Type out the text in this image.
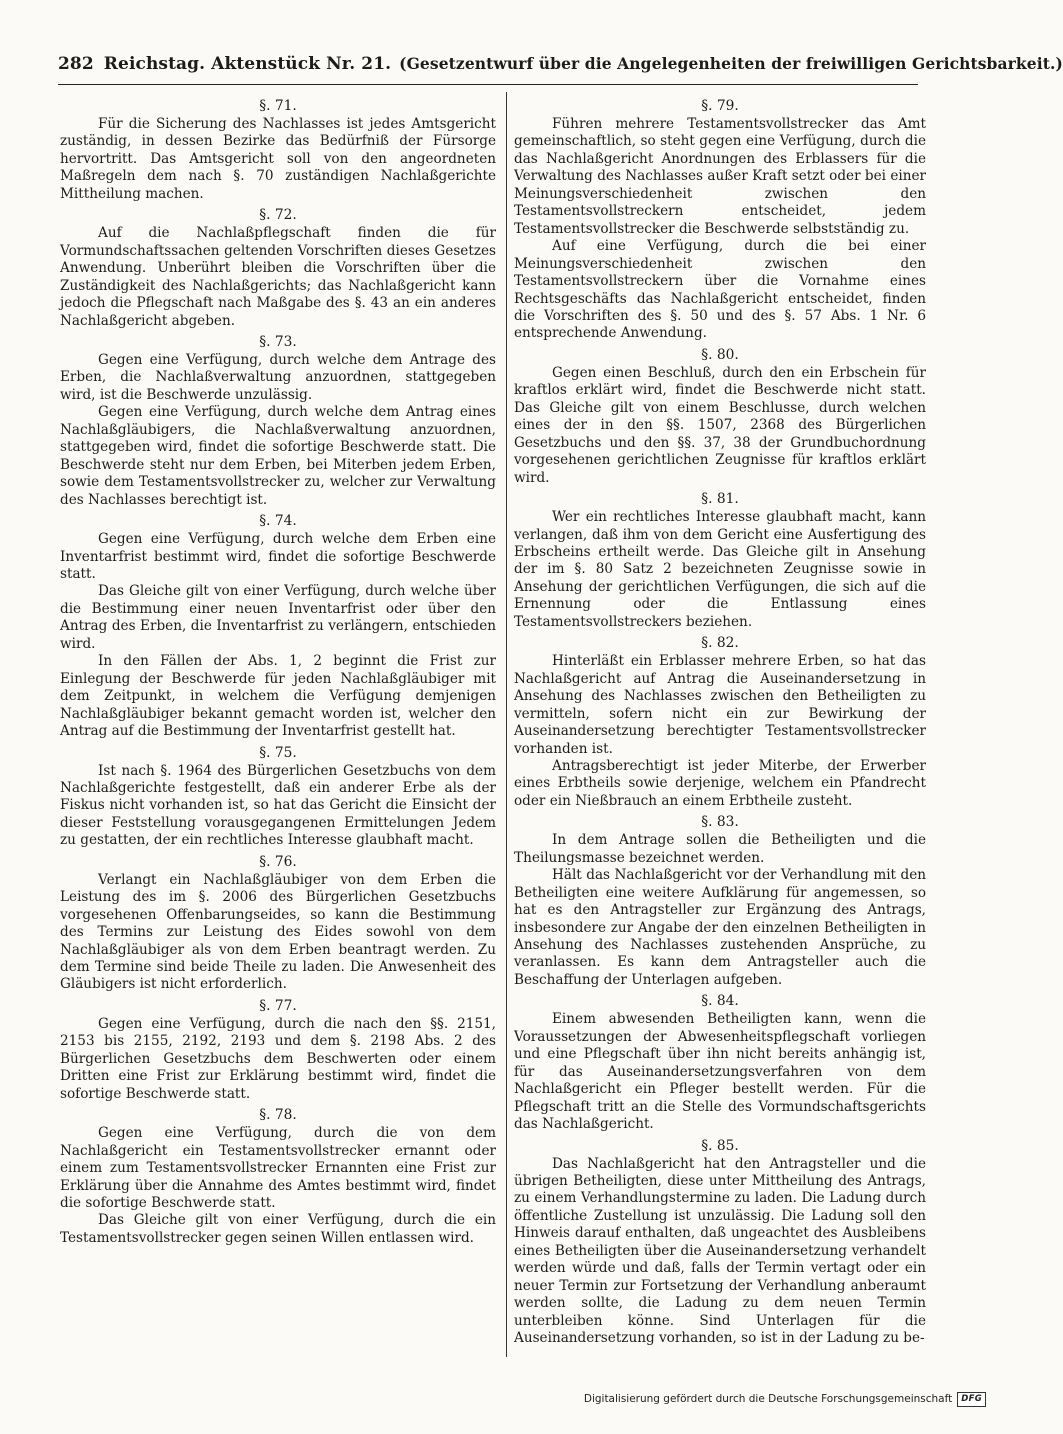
282 Reichstag. Aktenstück Nr. 21. (Gesetzentwurf über die Angelegenheiten der freiwilligen Gerichtsbarkeit.)
§. 71.

Für die Sicherung des Nachlasses ist jedes Amtsgericht zuständig, in dessen Bezirke das Bedürfniß der Fürsorge hervortritt. Das Amtsgericht soll von den angeordneten Maßregeln dem nach §. 70 zuständigen Nachlaßgerichte Mittheilung machen.

§. 72.

Auf die Nachlaßpflegschaft finden die für Vormundschaftssachen geltenden Vorschriften dieses Gesetzes Anwendung. Unberührt bleiben die Vorschriften über die Zuständigkeit des Nachlaßgerichts; das Nachlaßgericht kann jedoch die Pflegschaft nach Maßgabe des §. 43 an ein anderes Nachlaßgericht abgeben.

§. 73.

Gegen eine Verfügung, durch welche dem Antrage des Erben, die Nachlaßverwaltung anzuordnen, stattgegeben wird, ist die Beschwerde unzulässig.

Gegen eine Verfügung, durch welche dem Antrag eines Nachlaßgläubigers, die Nachlaßverwaltung anzuordnen, stattgegeben wird, findet die sofortige Beschwerde statt. Die Beschwerde steht nur dem Erben, bei Miterben jedem Erben, sowie dem Testamentsvollstrecker zu, welcher zur Verwaltung des Nachlasses berechtigt ist.

§. 74.

Gegen eine Verfügung, durch welche dem Erben eine Inventarfrist bestimmt wird, findet die sofortige Beschwerde statt.

Das Gleiche gilt von einer Verfügung, durch welche über die Bestimmung einer neuen Inventarfrist oder über den Antrag des Erben, die Inventarfrist zu verlängern, entschieden wird.

In den Fällen der Abs. 1, 2 beginnt die Frist zur Einlegung der Beschwerde für jeden Nachlaßgläubiger mit dem Zeitpunkt, in welchem die Verfügung demjenigen Nachlaßgläubiger bekannt gemacht worden ist, welcher den Antrag auf die Bestimmung der Inventarfrist gestellt hat.

§. 75.

Ist nach §. 1964 des Bürgerlichen Gesetzbuchs von dem Nachlaßgerichte festgestellt, daß ein anderer Erbe als der Fiskus nicht vorhanden ist, so hat das Gericht die Einsicht der dieser Feststellung vorausgegangenen Ermittelungen Jedem zu gestatten, der ein rechtliches Interesse glaubhaft macht.

§. 76.

Verlangt ein Nachlaßgläubiger von dem Erben die Leistung des im §. 2006 des Bürgerlichen Gesetzbuchs vorgesehenen Offenbarungseides, so kann die Bestimmung des Termins zur Leistung des Eides sowohl von dem Nachlaßgläubiger als von dem Erben beantragt werden. Zu dem Termine sind beide Theile zu laden. Die Anwesenheit des Gläubigers ist nicht erforderlich.

§. 77.

Gegen eine Verfügung, durch die nach den §§. 2151, 2153 bis 2155, 2192, 2193 und dem §. 2198 Abs. 2 des Bürgerlichen Gesetzbuchs dem Beschwerten oder einem Dritten eine Frist zur Erklärung bestimmt wird, findet die sofortige Beschwerde statt.

§. 78.

Gegen eine Verfügung, durch die von dem Nachlaßgericht ein Testamentsvollstrecker ernannt oder einem zum Testamentsvollstrecker Ernannten eine Frist zur Erklärung über die Annahme des Amtes bestimmt wird, findet die sofortige Beschwerde statt.

Das Gleiche gilt von einer Verfügung, durch die ein Testamentsvollstrecker gegen seinen Willen entlassen wird.

§. 79.

Führen mehrere Testamentsvollstrecker das Amt gemeinschaftlich, so steht gegen eine Verfügung, durch die das Nachlaßgericht Anordnungen des Erblassers für die Verwaltung des Nachlasses außer Kraft setzt oder bei einer Meinungsverschiedenheit zwischen den Testamentsvollstreckern entscheidet, jedem Testamentsvollstrecker die Beschwerde selbstständig zu.

Auf eine Verfügung, durch die bei einer Meinungsverschiedenheit zwischen den Testamentsvollstreckern über die Vornahme eines Rechtsgeschäfts das Nachlaßgericht entscheidet, finden die Vorschriften des §. 50 und des §. 57 Abs. 1 Nr. 6 entsprechende Anwendung.

§. 80.

Gegen einen Beschluß, durch den ein Erbschein für kraftlos erklärt wird, findet die Beschwerde nicht statt. Das Gleiche gilt von einem Beschlusse, durch welchen eines der in den §§. 1507, 2368 des Bürgerlichen Gesetzbuchs und den §§. 37, 38 der Grundbuchordnung vorgesehenen gerichtlichen Zeugnisse für kraftlos erklärt wird.

§. 81.

Wer ein rechtliches Interesse glaubhaft macht, kann verlangen, daß ihm von dem Gericht eine Ausfertigung des Erbscheins ertheilt werde. Das Gleiche gilt in Ansehung der im §. 80 Satz 2 bezeichneten Zeugnisse sowie in Ansehung der gerichtlichen Verfügungen, die sich auf die Ernennung oder die Entlassung eines Testamentsvollstreckers beziehen.

§. 82.

Hinterläßt ein Erblasser mehrere Erben, so hat das Nachlaßgericht auf Antrag die Auseinandersetzung in Ansehung des Nachlasses zwischen den Betheiligten zu vermitteln, sofern nicht ein zur Bewirkung der Auseinandersetzung berechtigter Testamentsvollstrecker vorhanden ist.

Antragsberechtigt ist jeder Miterbe, der Erwerber eines Erbtheils sowie derjenige, welchem ein Pfandrecht oder ein Nießbrauch an einem Erbtheile zusteht.

§. 83.

In dem Antrage sollen die Betheiligten und die Theilungsmasse bezeichnet werden.

Hält das Nachlaßgericht vor der Verhandlung mit den Betheiligten eine weitere Aufklärung für angemessen, so hat es den Antragsteller zur Ergänzung des Antrags, insbesondere zur Angabe der den einzelnen Betheiligten in Ansehung des Nachlasses zustehenden Ansprüche, zu veranlassen. Es kann dem Antragsteller auch die Beschaffung der Unterlagen aufgeben.

§. 84.

Einem abwesenden Betheiligten kann, wenn die Voraussetzungen der Abwesenheitspflegschaft vorliegen und eine Pflegschaft über ihn nicht bereits anhängig ist, für das Auseinandersetzungsverfahren von dem Nachlaßgericht ein Pfleger bestellt werden. Für die Pflegschaft tritt an die Stelle des Vormundschaftsgerichts das Nachlaßgericht.

§. 85.

Das Nachlaßgericht hat den Antragsteller und die übrigen Betheiligten, diese unter Mittheilung des Antrags, zu einem Verhandlungstermine zu laden. Die Ladung durch öffentliche Zustellung ist unzulässig. Die Ladung soll den Hinweis darauf enthalten, daß ungeachtet des Ausbleibens eines Betheiligten über die Auseinandersetzung verhandelt werden würde und daß, falls der Termin vertagt oder ein neuer Termin zur Fortsetzung der Verhandlung anberaumt werden sollte, die Ladung zu dem neuen Termin unterbleiben könne. Sind Unterlagen für die Auseinandersetzung vorhanden, so ist in der Ladung zu be-

Digitalisierung gefördert durch die Deutsche Forschungsgemeinschaft	DFG
